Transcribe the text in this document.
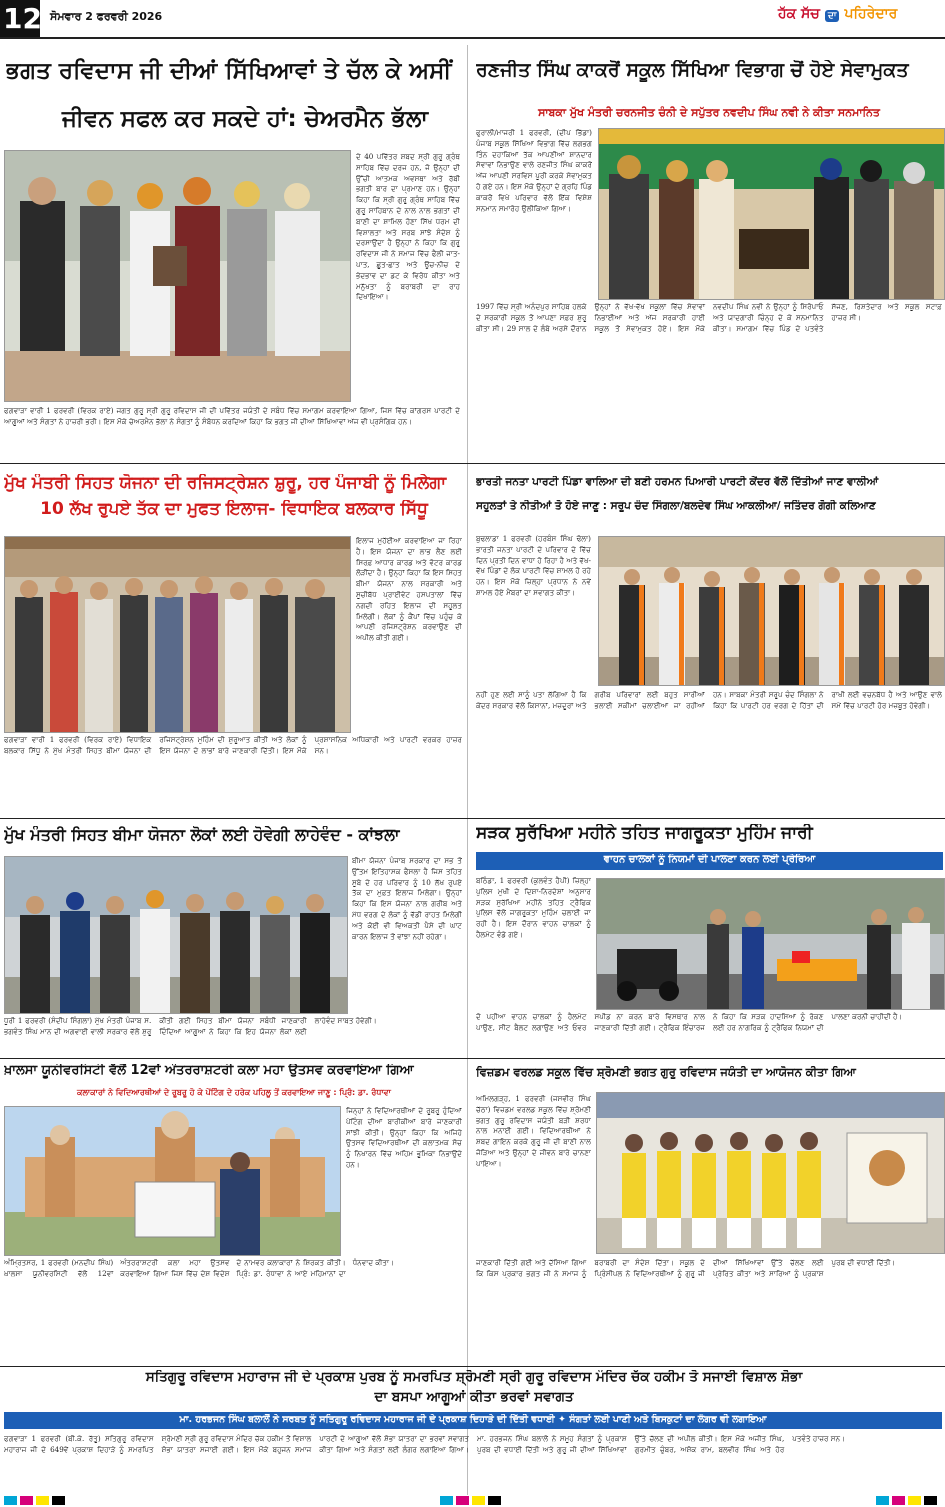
12 ਸੋਮਵਾਰ 2 ਫਰਵਰੀ 2026	ਹੱਕ ਸੱਚ ਦਾ ਪਹਿਰੇਦਾਰ
ਭਗਤ ਰਵਿਦਾਸ ਜੀ ਦੀਆਂ ਸਿੱਖਿਆਵਾਂ ਤੇ ਚੱਲ ਕੇ ਅਸੀਂ
ਜੀਵਨ ਸਫਲ ਕਰ ਸਕਦੇ ਹਾਂ: ਚੇਅਰਮੈਨ ਭੱਲਾ
ਦੇ 40 ਪਵਿੱਤਰ ਸ਼ਬਦ ਸ੍ਰੀ ਗੁਰੂ ਗ੍ਰੰਥ ਸਾਹਿਬ ਵਿੱਚ ਦਰਜ ਹਨ, ਜੋ ਉਨ੍ਹਾਂ ਦੀ ਉੱਚੀ ਆਤਮਕ ਅਵਸਥਾ ਅਤੇ ਰੱਬੀ ਭਗਤੀ ਬਾਰ ਦਾ ਪ੍ਰਮਾਣ ਹਨ। ਉਨ੍ਹਾਂ ਕਿਹਾ ਕਿ ਸ੍ਰੀ ਗੁਰੂ ਗ੍ਰੰਥ ਸਾਹਿਬ ਵਿੱਚ ਗੁਰੂ ਸਾਹਿਬਾਨ ਦੇ ਨਾਲ ਨਾਲ ਭਗਤਾਂ ਦੀ ਬਾਣੀ ਦਾ ਸ਼ਾਮਿਲ ਹੋਣਾ ਸਿੱਖ ਧਰਮ ਦੀ ਵਿਸ਼ਾਲਤਾ ਅਤੇ ਸਰਬ ਸਾਂਝੇ ਸੰਦੇਸ਼ ਨੂੰ ਦਰਸਾਉਂਦਾ ਹੈ ਉਨ੍ਹਾਂ ਨੇ ਕਿਹਾ ਕਿ ਗੁਰੂ ਰਵਿਦਾਸ ਜੀ ਨੇ ਸਮਾਜ ਵਿੱਚ ਫੈਲੀ ਜਾਤ-ਪਾਤ, ਛੂਤ-ਛਾਤ ਅਤੇ ਊਚ-ਨੀਚ ਦੇ ਭੇਦਭਾਵ ਦਾ ਡਟ ਕੇ ਵਿਰੋਧ ਕੀਤਾ ਅਤੇ ਮਨੁੱਖਤਾ ਨੂੰ ਬਰਾਬਰੀ ਦਾ ਰਾਹ ਦਿਖਾਇਆ।
ਫਗਵਾੜਾ ਵਾਰੀ 1 ਫਰਵਰੀ (ਵਿਰਕ ਰਾਏ) ਜਗਤ ਗੁਰੂ ਸ੍ਰੀ ਗੁਰੂ ਰਵਿਦਾਸ ਜੀ ਦੀ ਪਵਿੱਤਰ ਜਯੰਤੀ ਦੇ ਸਬੰਧ ਵਿੱਚ ਸਮਾਗਮ ਕਰਵਾਇਆ ਗਿਆ, ਜਿਸ ਵਿੱਚ ਕਾਂਗਰਸ ਪਾਰਟੀ ਦੇ ਆਗੂਆਂ ਅਤੇ ਸੰਗਤਾਂ ਨੇ ਹਾਜ਼ਰੀ ਭਰੀ। ਇਸ ਮੌਕੇ ਚੇਅਰਮੈਨ ਭੱਲਾ ਨੇ ਸੰਗਤਾਂ ਨੂੰ ਸੰਬੋਧਨ ਕਰਦਿਆਂ ਕਿਹਾ ਕਿ ਭਗਤ ਜੀ ਦੀਆਂ ਸਿੱਖਿਆਵਾਂ ਅੱਜ ਵੀ ਪ੍ਰਸੰਗਿਕ ਹਨ।
ਰਣਜੀਤ ਸਿੰਘ ਕਾਕਰੋਂ ਸਕੂਲ ਸਿੱਖਿਆ ਵਿਭਾਗ ਚੋਂ ਹੋਏ ਸੇਵਾਮੁਕਤ
ਸਾਬਕਾ ਮੁੱਖ ਮੰਤਰੀ ਚਰਨਜੀਤ ਚੰਨੀ ਦੇ ਸਪੁੱਤਰ ਨਵਦੀਪ ਸਿੰਘ ਨਵੀ ਨੇ ਕੀਤਾ ਸਨਮਾਨਿਤ
ਫੁਰਾਲੀ/ਮਾਜਰੀ 1 ਫਰਵਰੀ, (ਦੀਪ ਭਿੱਡਾ) ਪੰਜਾਬ ਸਕੂਲ ਸਿੱਖਿਆ ਵਿਭਾਗ ਵਿੱਚ ਲਗਭਗ ਤਿੰਨ ਦਹਾਕਿਆਂ ਤੱਕ ਆਪਣੀਆਂ ਸ਼ਾਨਦਾਰ ਸੇਵਾਵਾਂ ਨਿਭਾਉਣ ਵਾਲੇ ਰਣਜੀਤ ਸਿੰਘ ਕਾਕਰੋਂ ਅੱਜ ਆਪਣੀ ਸਰਵਿਸ ਪੂਰੀ ਕਰਕੇ ਸੇਵਾਮੁਕਤ ਹੋ ਗਏ ਹਨ। ਇਸ ਮੌਕੇ ਉਨ੍ਹਾਂ ਦੇ ਗ੍ਰਹਿ ਪਿੰਡ ਕਾਕਰੋਂ ਵਿਖੇ ਪਰਿਵਾਰ ਵੱਲੋਂ ਇੱਕ ਵਿਸ਼ੇਸ਼ ਸਨਮਾਨ ਸਮਾਰੋਹ ਉਲੀਕਿਆ ਗਿਆ।
1997 ਵਿੱਚ ਸ੍ਰੀ ਅਨੰਦਪੁਰ ਸਾਹਿਬ ਹਲਕੇ ਦੇ ਸਰਕਾਰੀ ਸਕੂਲ ਤੋਂ ਆਪਣਾ ਸਫ਼ਰ ਸ਼ੁਰੂ ਕੀਤਾ ਸੀ। 29 ਸਾਲ ਦੇ ਲੰਬੇ ਅਰਸੇ ਦੌਰਾਨ ਉਨ੍ਹਾਂ ਨੇ ਵੱਖ-ਵੱਖ ਸਕੂਲਾਂ ਵਿੱਚ ਸੇਵਾਵਾਂ ਨਿਭਾਈਆਂ ਅਤੇ ਅੱਜ ਸਰਕਾਰੀ ਹਾਈ ਸਕੂਲ ਤੋਂ ਸੇਵਾਮੁਕਤ ਹੋਏ। ਇਸ ਮੌਕੇ ਨਵਦੀਪ ਸਿੰਘ ਨਵੀ ਨੇ ਉਨ੍ਹਾਂ ਨੂੰ ਸਿਰੋਪਾਓ ਅਤੇ ਯਾਦਗਾਰੀ ਚਿੰਨ੍ਹ ਦੇ ਕੇ ਸਨਮਾਨਿਤ ਕੀਤਾ। ਸਮਾਗਮ ਵਿੱਚ ਪਿੰਡ ਦੇ ਪਤਵੰਤੇ ਸੱਜਣ, ਰਿਸ਼ਤੇਦਾਰ ਅਤੇ ਸਕੂਲ ਸਟਾਫ਼ ਹਾਜ਼ਰ ਸੀ।
ਮੁੱਖ ਮੰਤਰੀ ਸਿਹਤ ਯੋਜਨਾ ਦੀ ਰਜਿਸਟ੍ਰੇਸ਼ਨ ਸ਼ੁਰੂ, ਹਰ ਪੰਜਾਬੀ ਨੂੰ ਮਿਲੇਗਾ
10 ਲੱਖ ਰੁਪਏ ਤੱਕ ਦਾ ਮੁਫਤ ਇਲਾਜ- ਵਿਧਾਇਕ ਬਲਕਾਰ ਸਿੱਧੂ
ਇਲਾਜ ਮੁਹੱਈਆ ਕਰਵਾਇਆ ਜਾ ਰਿਹਾ ਹੈ। ਇਸ ਯੋਜਨਾ ਦਾ ਲਾਭ ਲੈਣ ਲਈ ਸਿਰਫ਼ ਆਧਾਰ ਕਾਰਡ ਅਤੇ ਵੋਟਰ ਕਾਰਡ ਲੋੜੀਂਦਾ ਹੈ। ਉਨ੍ਹਾਂ ਕਿਹਾ ਕਿ ਇਸ ਸਿਹਤ ਬੀਮਾ ਯੋਜਨਾ ਨਾਲ ਸਰਕਾਰੀ ਅਤੇ ਸੂਚੀਬੱਧ ਪ੍ਰਾਈਵੇਟ ਹਸਪਤਾਲਾਂ ਵਿੱਚ ਨਗਦੀ ਰਹਿਤ ਇਲਾਜ ਦੀ ਸਹੂਲਤ ਮਿਲੇਗੀ। ਲੋਕਾਂ ਨੂੰ ਕੈਂਪਾਂ ਵਿੱਚ ਪਹੁੰਚ ਕੇ ਆਪਣੀ ਰਜਿਸਟ੍ਰੇਸ਼ਨ ਕਰਵਾਉਣ ਦੀ ਅਪੀਲ ਕੀਤੀ ਗਈ।
ਫਗਵਾੜਾ ਵਾਰੀ 1 ਫਰਵਰੀ (ਵਿਰਕ ਰਾਏ) ਵਿਧਾਇਕ ਬਲਕਾਰ ਸਿੱਧੂ ਨੇ ਮੁੱਖ ਮੰਤਰੀ ਸਿਹਤ ਬੀਮਾ ਯੋਜਨਾ ਦੀ ਰਜਿਸਟ੍ਰੇਸ਼ਨ ਮੁਹਿੰਮ ਦੀ ਸ਼ੁਰੂਆਤ ਕੀਤੀ ਅਤੇ ਲੋਕਾਂ ਨੂੰ ਇਸ ਯੋਜਨਾ ਦੇ ਲਾਭਾਂ ਬਾਰੇ ਜਾਣਕਾਰੀ ਦਿੱਤੀ। ਇਸ ਮੌਕੇ ਪ੍ਰਸ਼ਾਸਨਿਕ ਅਧਿਕਾਰੀ ਅਤੇ ਪਾਰਟੀ ਵਰਕਰ ਹਾਜ਼ਰ ਸਨ।
ਭਾਰਤੀ ਜਨਤਾ ਪਾਰਟੀ ਪਿੰਡਾ ਵਾਲਿਆ ਦੀ ਬਣੀ ਹਰਮਨ ਪਿਆਰੀ ਪਾਰਟੀ ਕੇਂਦਰ ਵੱਲੋਂ ਦਿੱਤੀਆਂ ਜਾਣ ਵਾਲੀਆਂ
ਸਹੂਲਤਾਂ ਤੇ ਨੀਤੀਆਂ ਤੋ ਹੋਏ ਜਾਣੂ : ਸਰੂਪ ਚੰਦ ਸਿੰਗਲਾ/ਬਲਦੇਵ ਸਿੰਘ ਆਕਲੀਆ/ ਜਤਿੰਦਰ ਗੋਗੀ ਕਲਿਆਣ
ਬੁਢਲਾਡਾ 1 ਫਰਵਰੀ (ਹਰਬੰਸ ਸਿੰਘ ਢੋਲਾ) ਭਾਰਤੀ ਜਨਤਾ ਪਾਰਟੀ ਦੇ ਪਰਿਵਾਰ ਦੇ ਵਿੱਚ ਦਿਨ ਪ੍ਰਤੀ ਦਿਨ ਵਾਧਾ ਹੋ ਰਿਹਾ ਹੈ ਅਤੇ ਵੱਖ-ਵੱਖ ਪਿੰਡਾਂ ਦੇ ਲੋਕ ਪਾਰਟੀ ਵਿੱਚ ਸ਼ਾਮਲ ਹੋ ਰਹੇ ਹਨ। ਇਸ ਮੌਕੇ ਜ਼ਿਲ੍ਹਾ ਪ੍ਰਧਾਨ ਨੇ ਨਵੇਂ ਸ਼ਾਮਲ ਹੋਏ ਮੈਂਬਰਾਂ ਦਾ ਸਵਾਗਤ ਕੀਤਾ।
ਨਹੀਂ ਹੁਣ ਲਈ ਸਾਨੂੰ ਪਤਾ ਲੱਗਿਆ ਹੈ ਕਿ ਕੇਂਦਰ ਸਰਕਾਰ ਵੱਲੋਂ ਕਿਸਾਨਾਂ, ਮਜ਼ਦੂਰਾਂ ਅਤੇ ਗਰੀਬ ਪਰਿਵਾਰਾਂ ਲਈ ਬਹੁਤ ਸਾਰੀਆਂ ਭਲਾਈ ਸਕੀਮਾਂ ਚਲਾਈਆਂ ਜਾ ਰਹੀਆਂ ਹਨ। ਸਾਬਕਾ ਮੰਤਰੀ ਸਰੂਪ ਚੰਦ ਸਿੰਗਲਾ ਨੇ ਕਿਹਾ ਕਿ ਪਾਰਟੀ ਹਰ ਵਰਗ ਦੇ ਹਿੱਤਾਂ ਦੀ ਰਾਖੀ ਲਈ ਵਚਨਬੱਧ ਹੈ ਅਤੇ ਆਉਣ ਵਾਲੇ ਸਮੇਂ ਵਿੱਚ ਪਾਰਟੀ ਹੋਰ ਮਜ਼ਬੂਤ ਹੋਵੇਗੀ।
ਮੁੱਖ ਮੰਤਰੀ ਸਿਹਤ ਬੀਮਾ ਯੋਜਨਾ ਲੋਕਾਂ ਲਈ ਹੋਵੇਗੀ ਲਾਹੇਵੰਦ - ਕਾਂਝਲਾ
ਬੀਮਾ ਯੋਜਨਾ ਪੰਜਾਬ ਸਰਕਾਰ ਦਾ ਸਭ ਤੋਂ ਉੱਤਮ ਇਤਿਹਾਸਕ ਫੈਸਲਾ ਹੈ ਜਿਸ ਤਹਿਤ ਸੂਬੇ ਦੇ ਹਰ ਪਰਿਵਾਰ ਨੂੰ 10 ਲੱਖ ਰੁਪਏ ਤੱਕ ਦਾ ਮੁਫ਼ਤ ਇਲਾਜ ਮਿਲੇਗਾ। ਉਨ੍ਹਾਂ ਕਿਹਾ ਕਿ ਇਸ ਯੋਜਨਾ ਨਾਲ ਗਰੀਬ ਅਤੇ ਮੱਧ ਵਰਗ ਦੇ ਲੋਕਾਂ ਨੂੰ ਵੱਡੀ ਰਾਹਤ ਮਿਲੇਗੀ ਅਤੇ ਕੋਈ ਵੀ ਵਿਅਕਤੀ ਪੈਸੇ ਦੀ ਘਾਟ ਕਾਰਨ ਇਲਾਜ ਤੋਂ ਵਾਂਝਾ ਨਹੀਂ ਰਹੇਗਾ।
ਧੂਰੀ 1 ਫਰਵਰੀ (ਸੰਦੀਪ ਸਿੰਗਲਾ) ਮੁੱਖ ਮੰਤਰੀ ਪੰਜਾਬ ਸ. ਭਗਵੰਤ ਸਿੰਘ ਮਾਨ ਦੀ ਅਗਵਾਈ ਵਾਲੀ ਸਰਕਾਰ ਵੱਲੋਂ ਸ਼ੁਰੂ ਕੀਤੀ ਗਈ ਸਿਹਤ ਬੀਮਾ ਯੋਜਨਾ ਸਬੰਧੀ ਜਾਣਕਾਰੀ ਦਿੰਦਿਆਂ ਆਗੂਆਂ ਨੇ ਕਿਹਾ ਕਿ ਇਹ ਯੋਜਨਾ ਲੋਕਾਂ ਲਈ ਲਾਹੇਵੰਦ ਸਾਬਤ ਹੋਵੇਗੀ।
ਸੜਕ ਸੁਰੱਖਿਆ ਮਹੀਨੇ ਤਹਿਤ ਜਾਗਰੂਕਤਾ ਮੁਹਿੰਮ ਜਾਰੀ
ਵਾਹਨ ਚਾਲਕਾਂ ਨੂੰ ਨਿਯਮਾਂ ਦੀ ਪਾਲਣਾ ਕਰਨ ਲਈ ਪ੍ਰੇਰਿਆ
ਬਠਿੰਡਾ, 1 ਫਰਵਰੀ (ਕੁਲਵੰਤ ਹੈਪੀ) ਜ਼ਿਲ੍ਹਾ ਪੁਲਿਸ ਮੁਖੀ ਦੇ ਦਿਸ਼ਾ-ਨਿਰਦੇਸ਼ਾਂ ਅਨੁਸਾਰ ਸੜਕ ਸੁਰੱਖਿਆ ਮਹੀਨੇ ਤਹਿਤ ਟ੍ਰੈਫਿਕ ਪੁਲਿਸ ਵੱਲੋਂ ਜਾਗਰੂਕਤਾ ਮੁਹਿੰਮ ਚਲਾਈ ਜਾ ਰਹੀ ਹੈ। ਇਸ ਦੌਰਾਨ ਵਾਹਨ ਚਾਲਕਾਂ ਨੂੰ ਹੈਲਮੇਟ ਵੰਡੇ ਗਏ।
ਦੋ ਪਹੀਆ ਵਾਹਨ ਚਾਲਕਾਂ ਨੂੰ ਹੈਲਮੇਟ ਪਾਉਣ, ਸੀਟ ਬੈਲਟ ਲਗਾਉਣ ਅਤੇ ਓਵਰ ਸਪੀਡ ਨਾ ਕਰਨ ਬਾਰੇ ਵਿਸਥਾਰ ਨਾਲ ਜਾਣਕਾਰੀ ਦਿੱਤੀ ਗਈ। ਟ੍ਰੈਫਿਕ ਇੰਚਾਰਜ ਨੇ ਕਿਹਾ ਕਿ ਸੜਕ ਹਾਦਸਿਆਂ ਨੂੰ ਰੋਕਣ ਲਈ ਹਰ ਨਾਗਰਿਕ ਨੂੰ ਟ੍ਰੈਫਿਕ ਨਿਯਮਾਂ ਦੀ ਪਾਲਣਾ ਕਰਨੀ ਚਾਹੀਦੀ ਹੈ।
ਖ਼ਾਲਸਾ ਯੂਨੀਵਰਸਿਟੀ ਵੱਲੋਂ 12ਵਾਂ ਅੰਤਰਰਾਸ਼ਟਰੀ ਕਲਾ ਮਹਾ ਉਤਸਵ ਕਰਵਾਇਆ ਗਿਆ
ਕਲਾਕਾਰਾਂ ਨੇ ਵਿਦਿਆਰਥੀਆਂ ਦੇ ਰੂਬਰੂ ਹੋ ਕੇ ਪੇਂਟਿੰਗ ਦੇ ਹਰੇਕ ਪਹਿਲੂ ਤੋਂ ਕਰਵਾਇਆ ਜਾਣੂ : ਪ੍ਰਿੰ: ਡਾ. ਰੰਧਾਵਾ
ਜਿਨ੍ਹਾਂ ਨੇ ਵਿਦਿਆਰਥੀਆਂ ਦੇ ਰੂਬਰੂ ਹੁੰਦਿਆਂ ਪੇਂਟਿੰਗ ਦੀਆਂ ਬਾਰੀਕੀਆਂ ਬਾਰੇ ਜਾਣਕਾਰੀ ਸਾਂਝੀ ਕੀਤੀ। ਉਨ੍ਹਾਂ ਕਿਹਾ ਕਿ ਅਜਿਹੇ ਉਤਸਵ ਵਿਦਿਆਰਥੀਆਂ ਦੀ ਕਲਾਤਮਕ ਸੋਚ ਨੂੰ ਨਿਖਾਰਨ ਵਿੱਚ ਅਹਿਮ ਭੂਮਿਕਾ ਨਿਭਾਉਂਦੇ ਹਨ।
ਅੰਮ੍ਰਿਤਸਰ, 1 ਫਰਵਰੀ (ਮਨਦੀਪ ਸਿੰਘ) ਖ਼ਾਲਸਾ ਯੂਨੀਵਰਸਿਟੀ ਵੱਲੋਂ 12ਵਾਂ ਅੰਤਰਰਾਸ਼ਟਰੀ ਕਲਾ ਮਹਾ ਉਤਸਵ ਕਰਵਾਇਆ ਗਿਆ ਜਿਸ ਵਿੱਚ ਦੇਸ਼ ਵਿਦੇਸ਼ ਦੇ ਨਾਮਵਰ ਕਲਾਕਾਰਾਂ ਨੇ ਸ਼ਿਰਕਤ ਕੀਤੀ। ਪ੍ਰਿੰ: ਡਾ. ਰੰਧਾਵਾ ਨੇ ਆਏ ਮਹਿਮਾਨਾਂ ਦਾ ਧੰਨਵਾਦ ਕੀਤਾ।
ਵਿਜ਼ਡਮ ਵਰਲਡ ਸਕੂਲ ਵਿੱਚ ਸ਼੍ਰੋਮਣੀ ਭਗਤ ਗੁਰੂ ਰਵਿਦਾਸ ਜਯੰਤੀ ਦਾ ਆਯੋਜਨ ਕੀਤਾ ਗਿਆ
ਅਮਿਲਗੜ੍ਹ, 1 ਫਰਵਰੀ (ਜਸਵੀਰ ਸਿੰਘ ਚੱਠਾ) ਵਿਜ਼ਡਮ ਵਰਲਡ ਸਕੂਲ ਵਿੱਚ ਸ਼੍ਰੋਮਣੀ ਭਗਤ ਗੁਰੂ ਰਵਿਦਾਸ ਜਯੰਤੀ ਬੜੀ ਸ਼ਰਧਾ ਨਾਲ ਮਨਾਈ ਗਈ। ਵਿਦਿਆਰਥੀਆਂ ਨੇ ਸ਼ਬਦ ਗਾਇਨ ਕਰਕੇ ਗੁਰੂ ਜੀ ਦੀ ਬਾਣੀ ਨਾਲ ਜੋੜਿਆ ਅਤੇ ਉਨ੍ਹਾਂ ਦੇ ਜੀਵਨ ਬਾਰੇ ਚਾਨਣਾ ਪਾਇਆ।
ਜਾਣਕਾਰੀ ਦਿੱਤੀ ਗਈ ਅਤੇ ਦੱਸਿਆ ਗਿਆ ਕਿ ਕਿਸ ਪ੍ਰਕਾਰ ਭਗਤ ਜੀ ਨੇ ਸਮਾਜ ਨੂੰ ਬਰਾਬਰੀ ਦਾ ਸੰਦੇਸ਼ ਦਿੱਤਾ। ਸਕੂਲ ਦੇ ਪ੍ਰਿੰਸੀਪਲ ਨੇ ਵਿਦਿਆਰਥੀਆਂ ਨੂੰ ਗੁਰੂ ਜੀ ਦੀਆਂ ਸਿੱਖਿਆਵਾਂ ਉੱਤੇ ਚੱਲਣ ਲਈ ਪ੍ਰੇਰਿਤ ਕੀਤਾ ਅਤੇ ਸਾਰਿਆਂ ਨੂੰ ਪ੍ਰਕਾਸ਼ ਪੁਰਬ ਦੀ ਵਧਾਈ ਦਿੱਤੀ।
ਸਤਿਗੁਰੂ ਰਵਿਦਾਸ ਮਹਾਰਾਜ ਜੀ ਦੇ ਪ੍ਰਕਾਸ਼ ਪੁਰਬ ਨੂੰ ਸਮਰਪਿਤ ਸ਼੍ਰੋਮਣੀ ਸ੍ਰੀ ਗੁਰੂ ਰਵਿਦਾਸ ਮੰਦਿਰ ਚੱਕ ਹਕੀਮ ਤੋ ਸਜਾਈ ਵਿਸ਼ਾਲ ਸ਼ੋਭਾ
ਦਾ ਬਸਪਾ ਆਗੂਆਂ ਕੀਤਾ ਭਰਵਾਂ ਸਵਾਗਤ
ਮਾ. ਹਰਭਜਨ ਸਿੰਘ ਬਲਾਲੋਂ ਨੇ ਸਰਬਤ ਨੂੰ ਸਤਿਗੁਰੂ ਰਵਿਦਾਸ ਮਹਾਰਾਜ ਜੀ ਦੇ ਪ੍ਰਕਾਸ਼ ਦਿਹਾੜੇ ਦੀ ਦਿੱਤੀ ਵਧਾਈ ✦ ਸੰਗਤਾਂ ਲਈ ਪਾਣੀ ਅਤੇ ਬਿਸਕੁਟਾਂ ਦਾ ਲੰਗਰ ਵੀ ਲਗਾਇਆ
ਫਗਵਾੜਾ 1 ਫਰਵਰੀ (ਬੀ.ਕੇ. ਰੱਤੂ) ਸਤਿਗੁਰੂ ਰਵਿਦਾਸ ਮਹਾਰਾਜ ਜੀ ਦੇ 649ਵੇਂ ਪ੍ਰਕਾਸ਼ ਦਿਹਾੜੇ ਨੂੰ ਸਮਰਪਿਤ ਸ਼੍ਰੋਮਣੀ ਸ੍ਰੀ ਗੁਰੂ ਰਵਿਦਾਸ ਮੰਦਿਰ ਚੱਕ ਹਕੀਮ ਤੋਂ ਵਿਸ਼ਾਲ ਸ਼ੋਭਾ ਯਾਤਰਾ ਸਜਾਈ ਗਈ। ਇਸ ਮੌਕੇ ਬਹੁਜਨ ਸਮਾਜ ਪਾਰਟੀ ਦੇ ਆਗੂਆਂ ਵੱਲੋਂ ਸ਼ੋਭਾ ਯਾਤਰਾ ਦਾ ਭਰਵਾਂ ਸਵਾਗਤ ਕੀਤਾ ਗਿਆ ਅਤੇ ਸੰਗਤਾਂ ਲਈ ਲੰਗਰ ਲਗਾਇਆ ਗਿਆ। ਮਾ. ਹਰਭਜਨ ਸਿੰਘ ਬਲਾਲੋਂ ਨੇ ਸਮੂਹ ਸੰਗਤਾਂ ਨੂੰ ਪ੍ਰਕਾਸ਼ ਪੁਰਬ ਦੀ ਵਧਾਈ ਦਿੱਤੀ ਅਤੇ ਗੁਰੂ ਜੀ ਦੀਆਂ ਸਿੱਖਿਆਵਾਂ ਉੱਤੇ ਚੱਲਣ ਦੀ ਅਪੀਲ ਕੀਤੀ। ਇਸ ਮੌਕੇ ਅਜੀਤ ਸਿੰਘ, ਗੁਰਮੀਤ ਚੁੰਬਰ, ਅਸ਼ੋਕ ਰਾਮ, ਬਲਵੀਰ ਸਿੰਘ ਅਤੇ ਹੋਰ ਪਤਵੰਤੇ ਹਾਜ਼ਰ ਸਨ।
